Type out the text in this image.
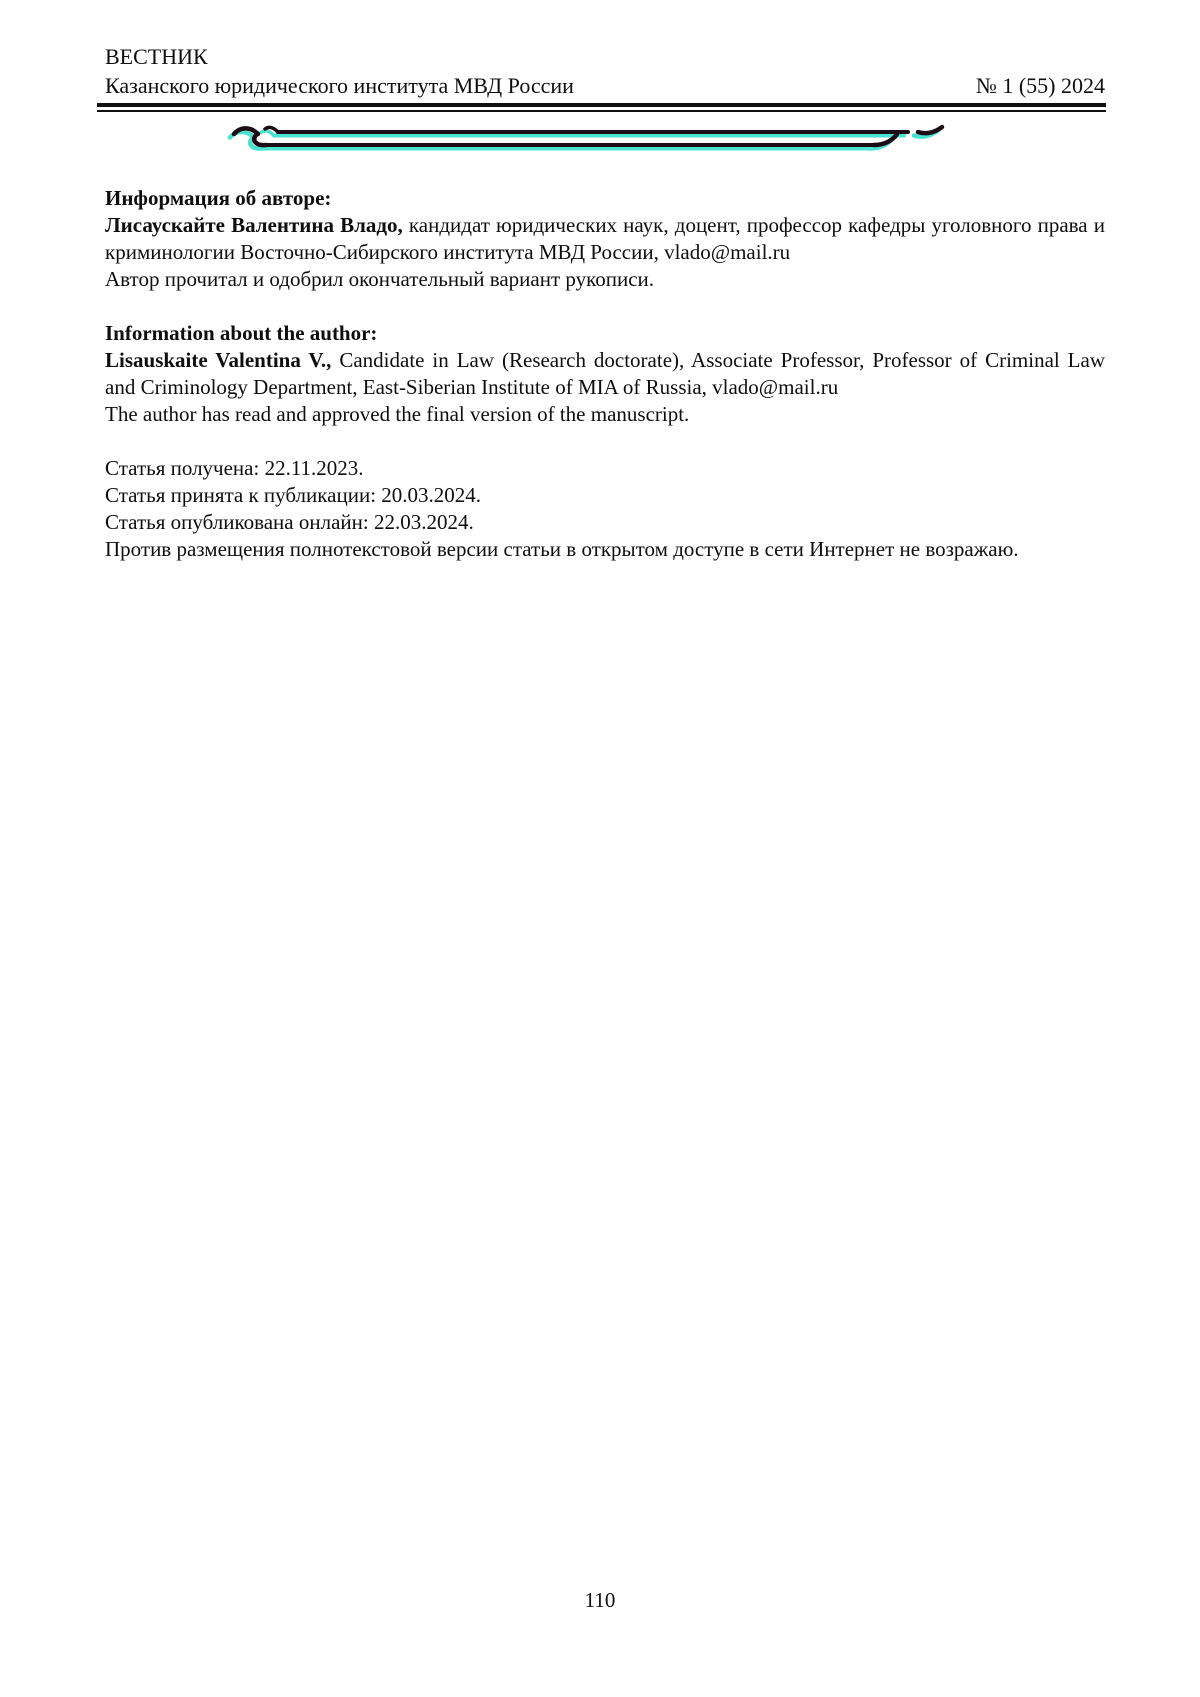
ВЕСТНИК
Казанского юридического института МВД России	№ 1 (55) 2024

Информация об авторе:

Лисаускайте Валентина Владо, кандидат юридических наук, доцент, профессор кафедры уголовного права и криминологии Восточно-Сибирского института МВД России, vlado@mail.ru

Автор прочитал и одобрил окончательный вариант рукописи.

Information about the author:

Lisauskaite Valentina V., Candidate in Law (Research doctorate), Associate Professor, Professor of Criminal Law and Criminology Department, East-Siberian Institute of MIA of Russia, vlado@mail.ru

The author has read and approved the final version of the manuscript.

Статья получена: 22.11.2023.

Статья принята к публикации: 20.03.2024.

Статья опубликована онлайн: 22.03.2024.

Против размещения полнотекстовой версии статьи в открытом доступе в сети Интернет не возражаю.

110
